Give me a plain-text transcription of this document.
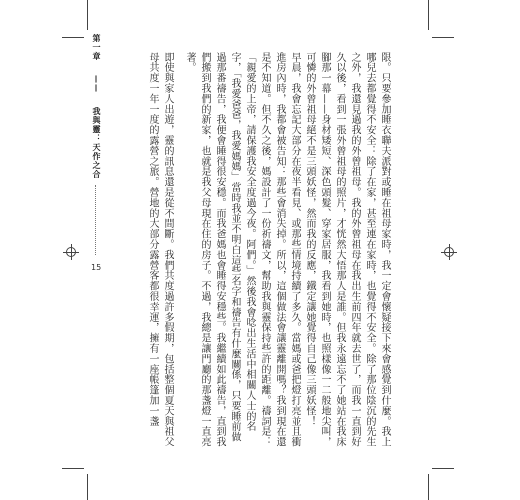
第一章——我與靈：天作之合
15	限。只要參加睡衣聯夫派對或睡在祖母家時，我一定會懷疑接下來會感覺到什麼。我上哪兒去都覺得不安全：除了在家，甚至連在家時，也覺得不安全。除了那位陰沉的先生之外，我還見過我的外曾祖母。我的外曾祖母在我出生前四年就去世了，而我一直到好久以後，看到一張外曾祖母的照片，才恍然大悟那人是誰。但我永遠忘不了她站在我床腳那一幕——身材矮短、深色頭髮、穿家居服，我看到她時，也照樣像一二般地尖叫，可憐的外曾祖母絕不是三頭妖怪，然而我的反應，鐵定讓她覺得自己像三頭妖怪！

早晨，我會忘記大部分在夜半看見、或那些情境持續了多久。當媽或爸把燈打亮並且衝進房內時，我都會被告知：那些會消失掉。所以，這個做法會讓靈離開嗎？我到現在還是不知道。但不久之後，媽設計了一份祈禱文，幫助我與靈保持些許的距離。禱詞是：「親愛的上帝，請保護我安全度過今夜。阿們。」然後我會唸出生活中相關人士的名字，「我愛爸爸，我愛媽媽」當時我並不明白這些名字和禱告有什麼關係，只要睡前做過那番禱告，我便會睡得很安穩。而我爸媽也會睡得安穩些。我繼續如此禱告，直到我們搬到我們的新家，也就是我父母現在住的房子。不過，我總是讓門廳的那盞燈一直亮著。

即使與家人出遊，靈的訊息還是從不間斷。我們共度過許多假期，包括整個夏天與祖父母共度一年一度的露營之旅。營地的大部分露營客都很幸運，擁有一座帳篷加一盞
